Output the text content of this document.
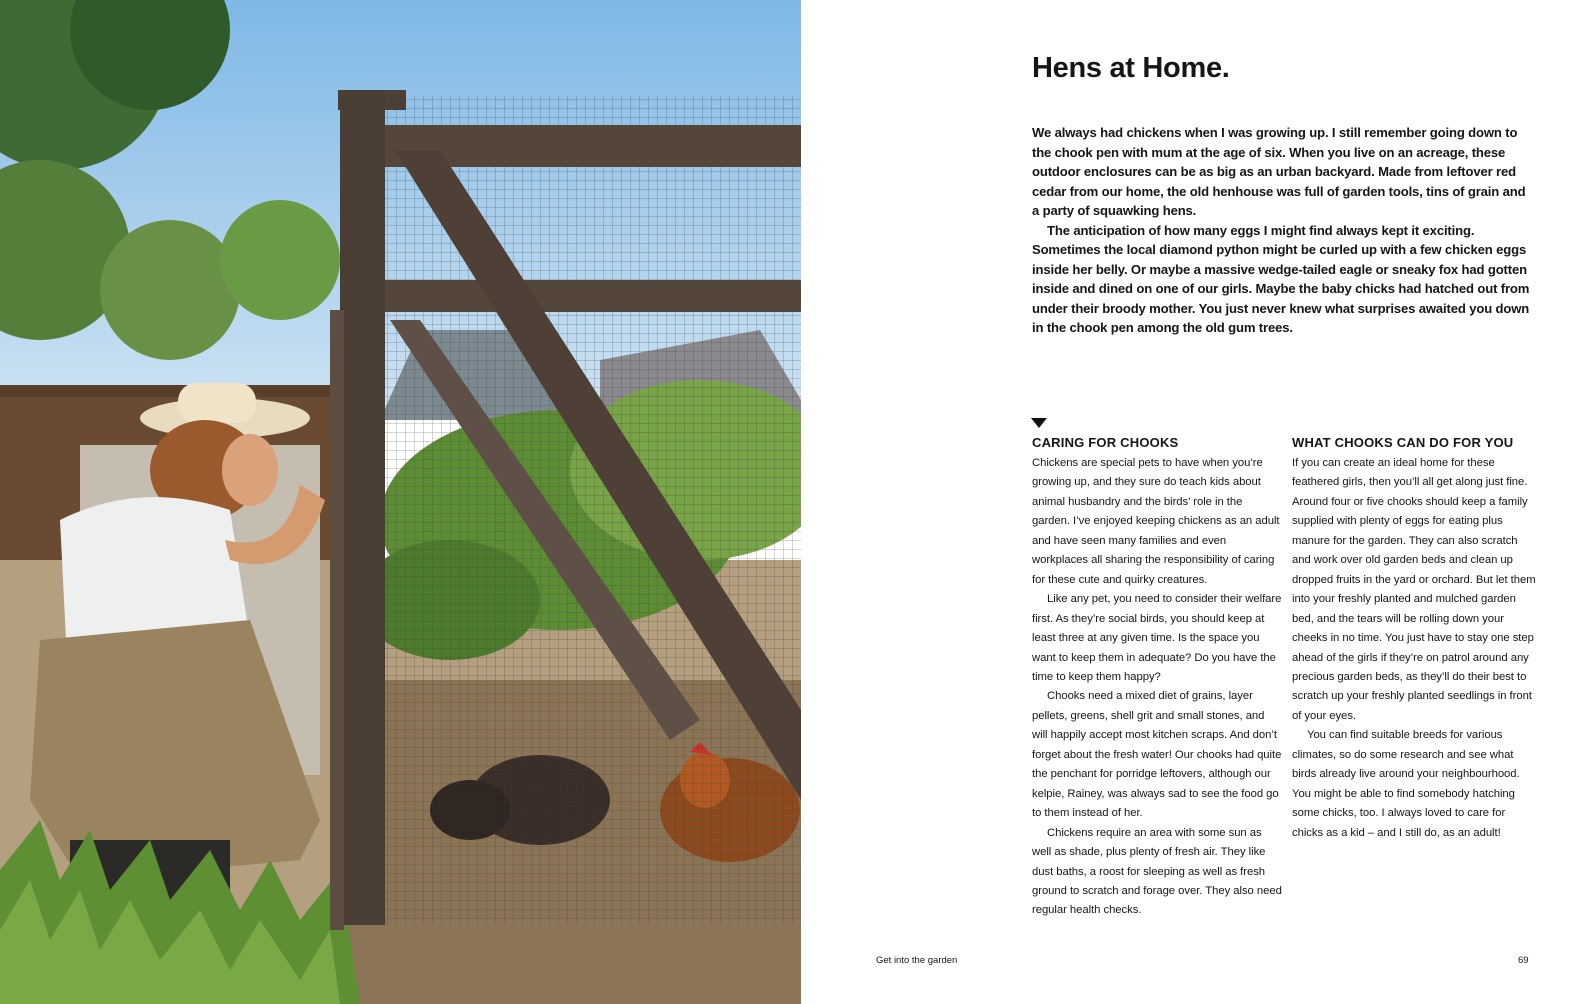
Hens at Home.

We always had chickens when I was growing up. I still remember going down to the chook pen with mum at the age of six. When you live on an acreage, these outdoor enclosures can be as big as an urban backyard. Made from leftover red cedar from our home, the old henhouse was full of garden tools, tins of grain and a party of squawking hens.

The anticipation of how many eggs I might find always kept it exciting. Sometimes the local diamond python might be curled up with a few chicken eggs inside her belly. Or maybe a massive wedge-tailed eagle or sneaky fox had gotten inside and dined on one of our girls. Maybe the baby chicks had hatched out from under their broody mother. You just never knew what surprises awaited you down in the chook pen among the old gum trees.

CARING FOR CHOOKS

Chickens are special pets to have when you’re growing up, and they sure do teach kids about animal husbandry and the birds’ role in the garden. I’ve enjoyed keeping chickens as an adult and have seen many families and even workplaces all sharing the responsibility of caring for these cute and quirky creatures.

Like any pet, you need to consider their welfare first. As they’re social birds, you should keep at least three at any given time. Is the space you want to keep them in adequate? Do you have the time to keep them happy?

Chooks need a mixed diet of grains, layer pellets, greens, shell grit and small stones, and will happily accept most kitchen scraps. And don’t forget about the fresh water! Our chooks had quite the penchant for porridge leftovers, although our kelpie, Rainey, was always sad to see the food go to them instead of her.

Chickens require an area with some sun as well as shade, plus plenty of fresh air. They like dust baths, a roost for sleeping as well as fresh ground to scratch and forage over. They also need regular health checks.

WHAT CHOOKS CAN DO FOR YOU

If you can create an ideal home for these feathered girls, then you’ll all get along just fine. Around four or five chooks should keep a family supplied with plenty of eggs for eating plus manure for the garden. They can also scratch and work over old garden beds and clean up dropped fruits in the yard or orchard. But let them into your freshly planted and mulched garden bed, and the tears will be rolling down your cheeks in no time. You just have to stay one step ahead of the girls if they’re on patrol around any precious garden beds, as they’ll do their best to scratch up your freshly planted seedlings in front of your eyes.

You can find suitable breeds for various climates, so do some research and see what birds already live around your neighbourhood. You might be able to find somebody hatching some chicks, too. I always loved to care for chicks as a kid – and I still do, as an adult!

Get into the garden	69
